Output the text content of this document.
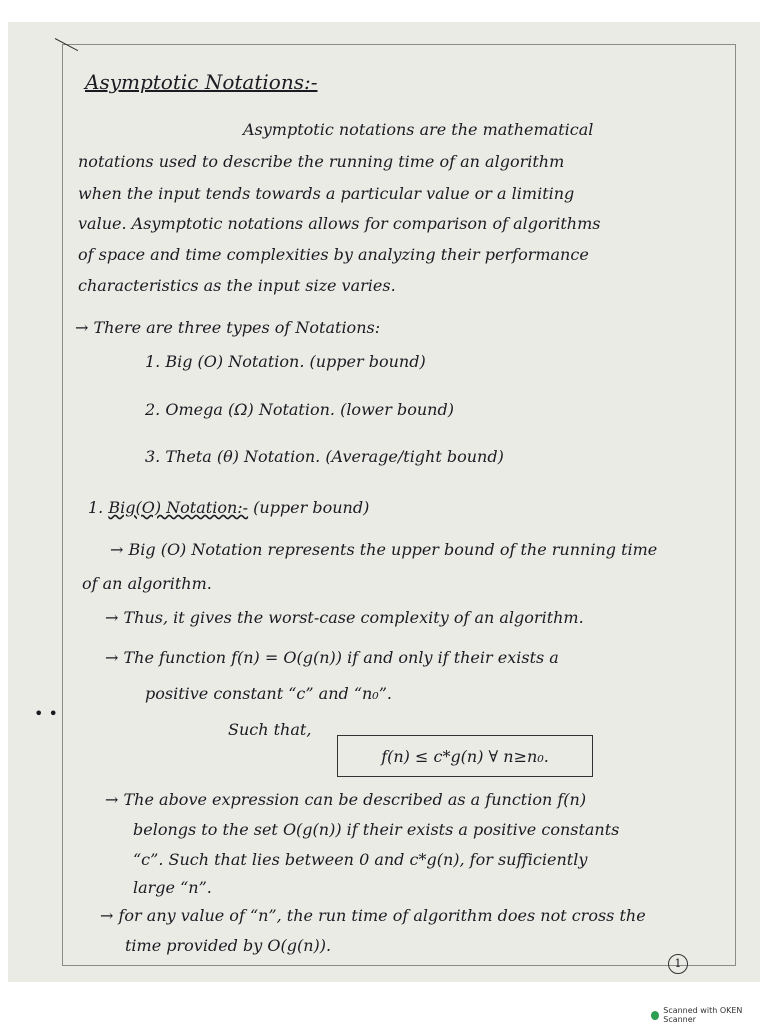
Asymptotic Notations:-
Asymptotic notations are the mathematical
notations used to describe the running time of an algorithm
when the input tends towards a particular value or a limiting
value. Asymptotic notations allows for comparison of algorithms
of space and time complexities by analyzing their performance
characteristics as the input size varies.
→ There are three types of Notations:
1. Big (O) Notation. (upper bound)
2. Omega (Ω) Notation. (lower bound)
3. Theta (θ) Notation. (Average/tight bound)
1. Big(O) Notation:- (upper bound)
→ Big (O) Notation represents the upper bound of the running time
of an algorithm.
→ Thus, it gives the worst-case complexity of an algorithm.
→ The function f(n) = O(g(n)) if and only if their exists a
positive constant “c” and “n₀”.
• •
Such that,
f(n) ≤ c*g(n) ∀ n≥n₀.
→ The above expression can be described as a function f(n)
belongs to the set O(g(n)) if their exists a positive constants
“c”. Such that lies between 0 and c*g(n), for sufficiently
large “n”.
→ for any value of “n”, the run time of algorithm does not cross the
time provided by O(g(n)).
1
Scanned with OKEN Scanner
